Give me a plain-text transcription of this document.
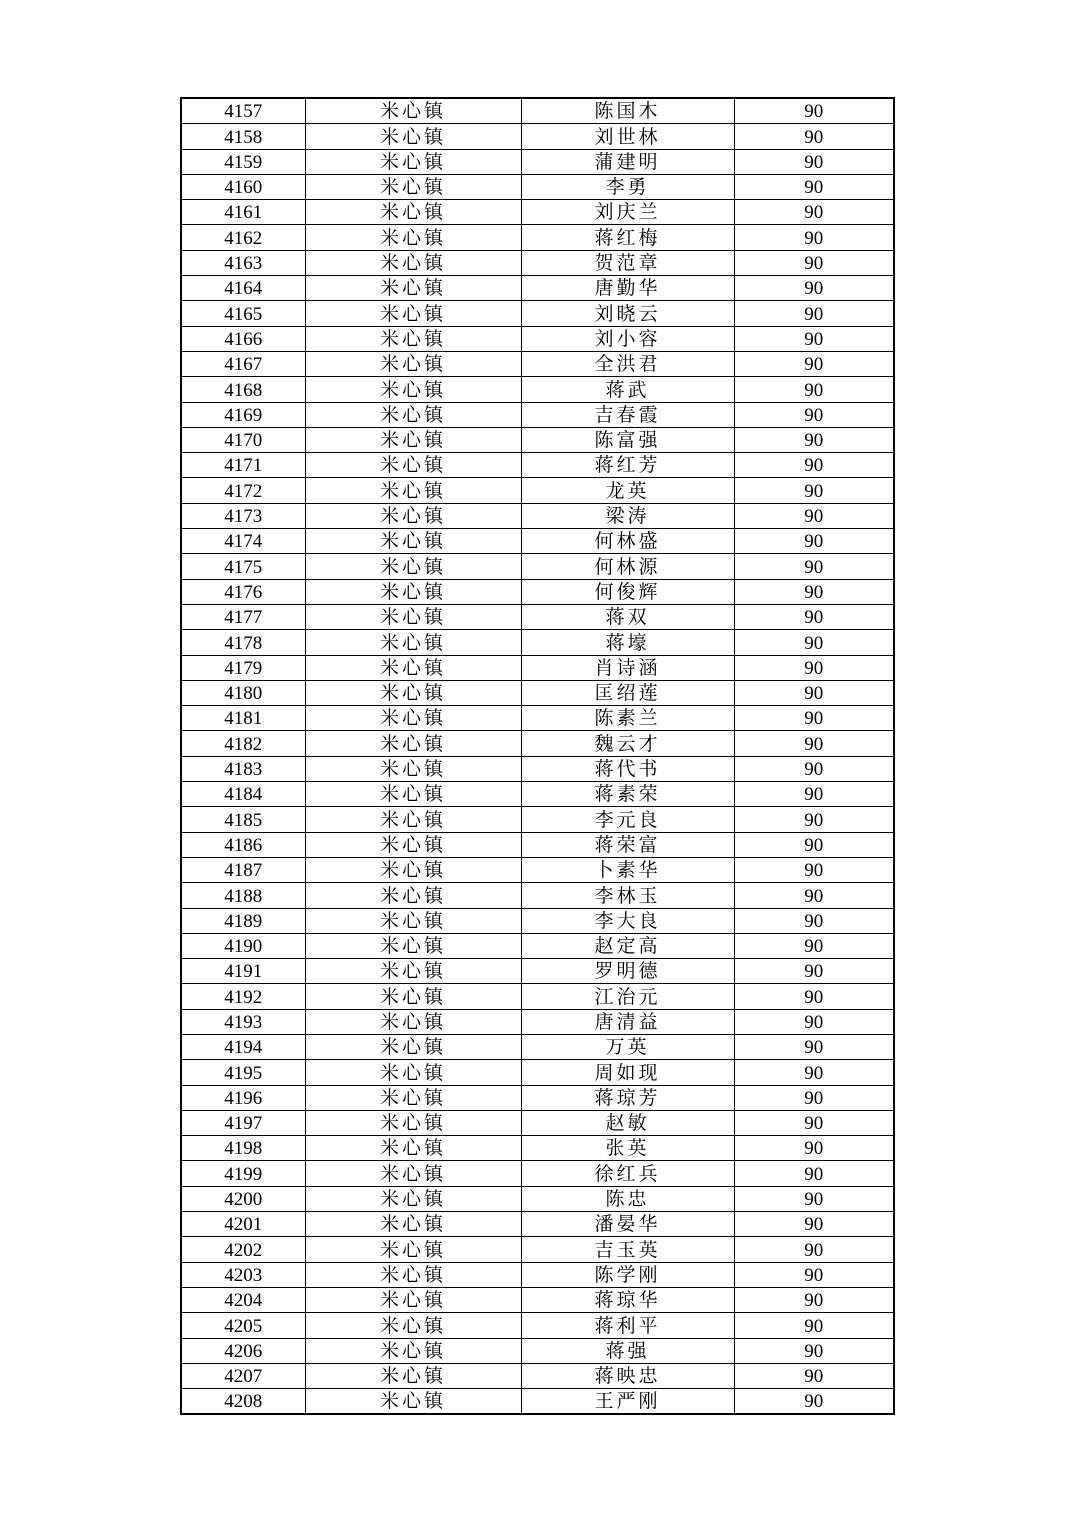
4157	米心镇	陈国木	90
4158	米心镇	刘世林	90
4159	米心镇	蒲建明	90
4160	米心镇	李勇	90
4161	米心镇	刘庆兰	90
4162	米心镇	蒋红梅	90
4163	米心镇	贺范章	90
4164	米心镇	唐勤华	90
4165	米心镇	刘晓云	90
4166	米心镇	刘小容	90
4167	米心镇	全洪君	90
4168	米心镇	蒋武	90
4169	米心镇	吉春霞	90
4170	米心镇	陈富强	90
4171	米心镇	蒋红芳	90
4172	米心镇	龙英	90
4173	米心镇	梁涛	90
4174	米心镇	何林盛	90
4175	米心镇	何林源	90
4176	米心镇	何俊辉	90
4177	米心镇	蒋双	90
4178	米心镇	蒋壕	90
4179	米心镇	肖诗涵	90
4180	米心镇	匡绍莲	90
4181	米心镇	陈素兰	90
4182	米心镇	魏云才	90
4183	米心镇	蒋代书	90
4184	米心镇	蒋素荣	90
4185	米心镇	李元良	90
4186	米心镇	蒋荣富	90
4187	米心镇	卜素华	90
4188	米心镇	李林玉	90
4189	米心镇	李大良	90
4190	米心镇	赵定高	90
4191	米心镇	罗明德	90
4192	米心镇	江治元	90
4193	米心镇	唐清益	90
4194	米心镇	万英	90
4195	米心镇	周如现	90
4196	米心镇	蒋琼芳	90
4197	米心镇	赵敏	90
4198	米心镇	张英	90
4199	米心镇	徐红兵	90
4200	米心镇	陈忠	90
4201	米心镇	潘晏华	90
4202	米心镇	吉玉英	90
4203	米心镇	陈学刚	90
4204	米心镇	蒋琼华	90
4205	米心镇	蒋利平	90
4206	米心镇	蒋强	90
4207	米心镇	蒋映忠	90
4208	米心镇	王严刚	90
